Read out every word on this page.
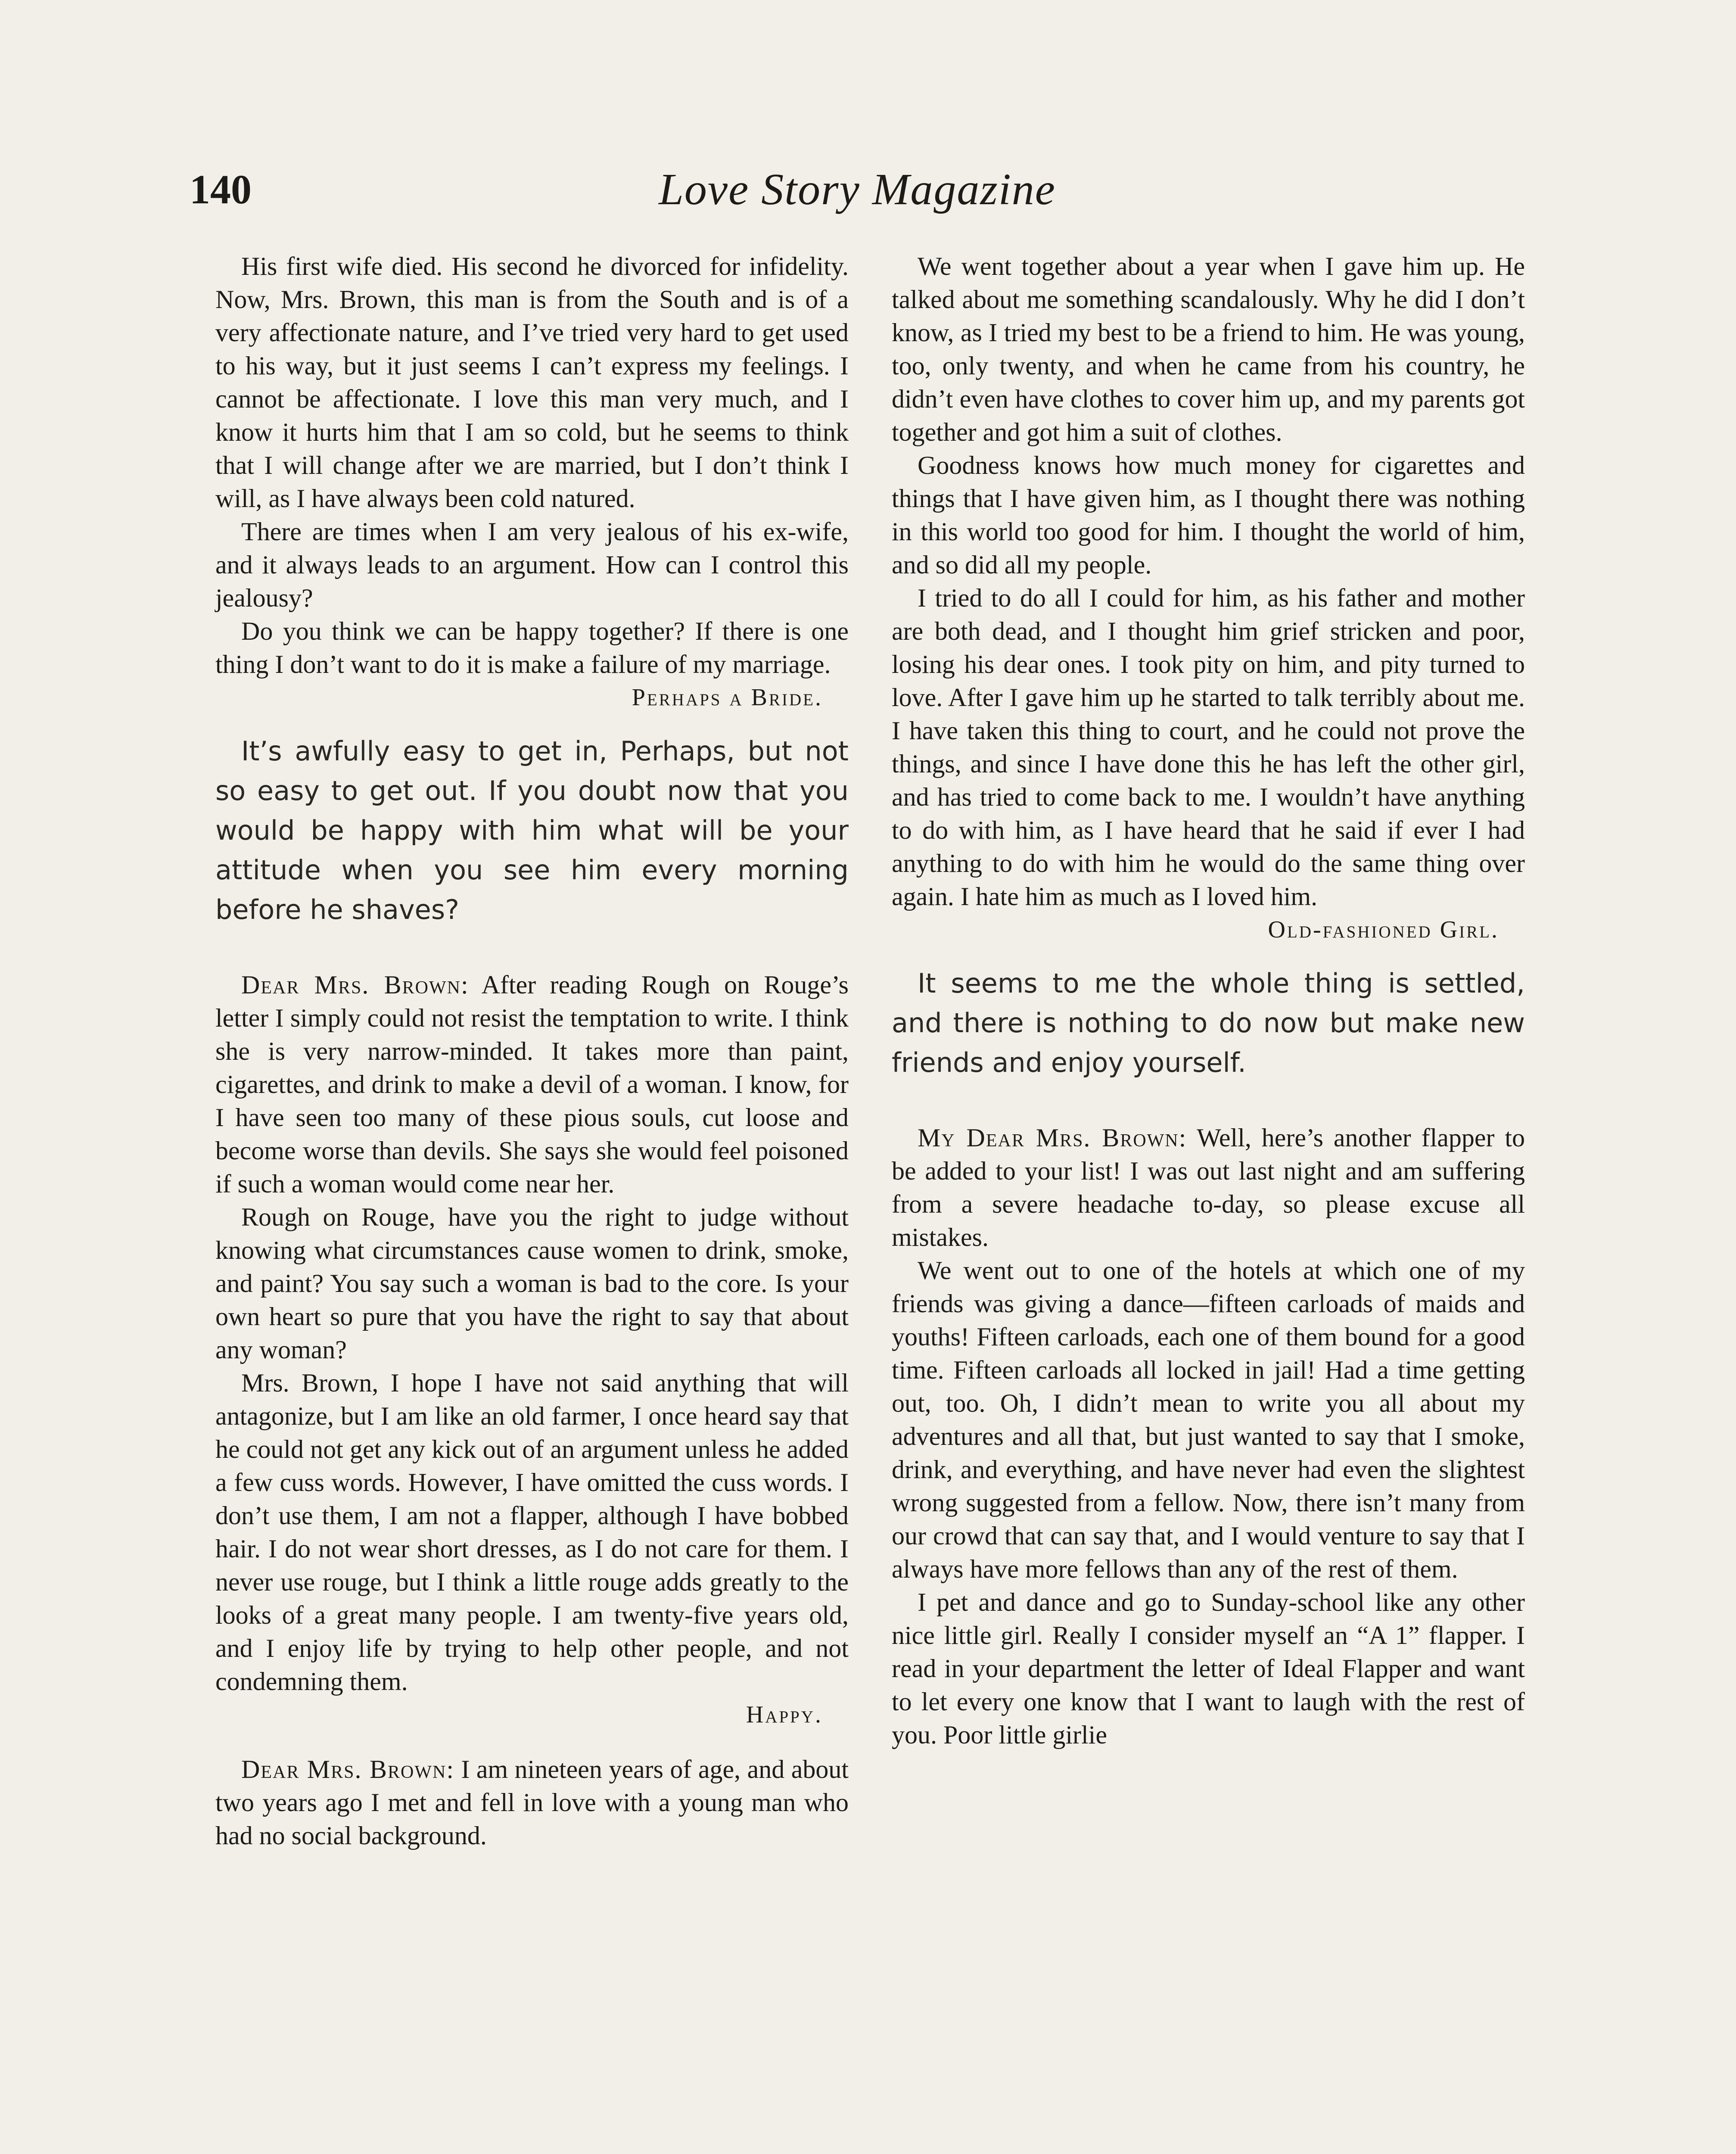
140	Love Story Magazine

His first wife died. His second he divorced for infidelity. Now, Mrs. Brown, this man is from the South and is of a very affectionate nature, and I’ve tried very hard to get used to his way, but it just seems I can’t express my feelings. I cannot be affectionate. I love this man very much, and I know it hurts him that I am so cold, but he seems to think that I will change after we are married, but I don’t think I will, as I have always been cold natured.

There are times when I am very jealous of his ex-wife, and it always leads to an argument. How can I control this jealousy?

Do you think we can be happy together? If there is one thing I don’t want to do it is make a failure of my marriage.

Perhaps a Bride.

It’s awfully easy to get in, Perhaps, but not so easy to get out. If you doubt now that you would be happy with him what will be your attitude when you see him every morning before he shaves?

Dear Mrs. Brown: After reading Rough on Rouge’s letter I simply could not resist the temptation to write. I think she is very narrow-minded. It takes more than paint, cigarettes, and drink to make a devil of a woman. I know, for I have seen too many of these pious souls, cut loose and become worse than devils. She says she would feel poisoned if such a woman would come near her.

Rough on Rouge, have you the right to judge without knowing what circumstances cause women to drink, smoke, and paint? You say such a woman is bad to the core. Is your own heart so pure that you have the right to say that about any woman?

Mrs. Brown, I hope I have not said anything that will antagonize, but I am like an old farmer, I once heard say that he could not get any kick out of an argument unless he added a few cuss words. However, I have omitted the cuss words. I don’t use them, I am not a flapper, although I have bobbed hair. I do not wear short dresses, as I do not care for them. I never use rouge, but I think a little rouge adds greatly to the looks of a great many people. I am twenty-five years old, and I enjoy life by trying to help other people, and not condemning them.

Happy.

Dear Mrs. Brown: I am nineteen years of age, and about two years ago I met and fell in love with a young man who had no social background.

We went together about a year when I gave him up. He talked about me something scandalously. Why he did I don’t know, as I tried my best to be a friend to him. He was young, too, only twenty, and when he came from his country, he didn’t even have clothes to cover him up, and my parents got together and got him a suit of clothes.

Goodness knows how much money for cigarettes and things that I have given him, as I thought there was nothing in this world too good for him. I thought the world of him, and so did all my people.

I tried to do all I could for him, as his father and mother are both dead, and I thought him grief stricken and poor, losing his dear ones. I took pity on him, and pity turned to love. After I gave him up he started to talk terribly about me. I have taken this thing to court, and he could not prove the things, and since I have done this he has left the other girl, and has tried to come back to me. I wouldn’t have anything to do with him, as I have heard that he said if ever I had anything to do with him he would do the same thing over again. I hate him as much as I loved him.

Old-fashioned Girl.

It seems to me the whole thing is settled, and there is nothing to do now but make new friends and enjoy yourself.

My Dear Mrs. Brown: Well, here’s another flapper to be added to your list! I was out last night and am suffering from a severe headache to-day, so please excuse all mistakes.

We went out to one of the hotels at which one of my friends was giving a dance—fifteen carloads of maids and youths! Fifteen carloads, each one of them bound for a good time. Fifteen carloads all locked in jail! Had a time getting out, too. Oh, I didn’t mean to write you all about my adventures and all that, but just wanted to say that I smoke, drink, and everything, and have never had even the slightest wrong suggested from a fellow. Now, there isn’t many from our crowd that can say that, and I would venture to say that I always have more fellows than any of the rest of them.

I pet and dance and go to Sunday-school like any other nice little girl. Really I consider myself an “A 1” flapper. I read in your department the letter of Ideal Flapper and want to let every one know that I want to laugh with the rest of you. Poor little girlie
